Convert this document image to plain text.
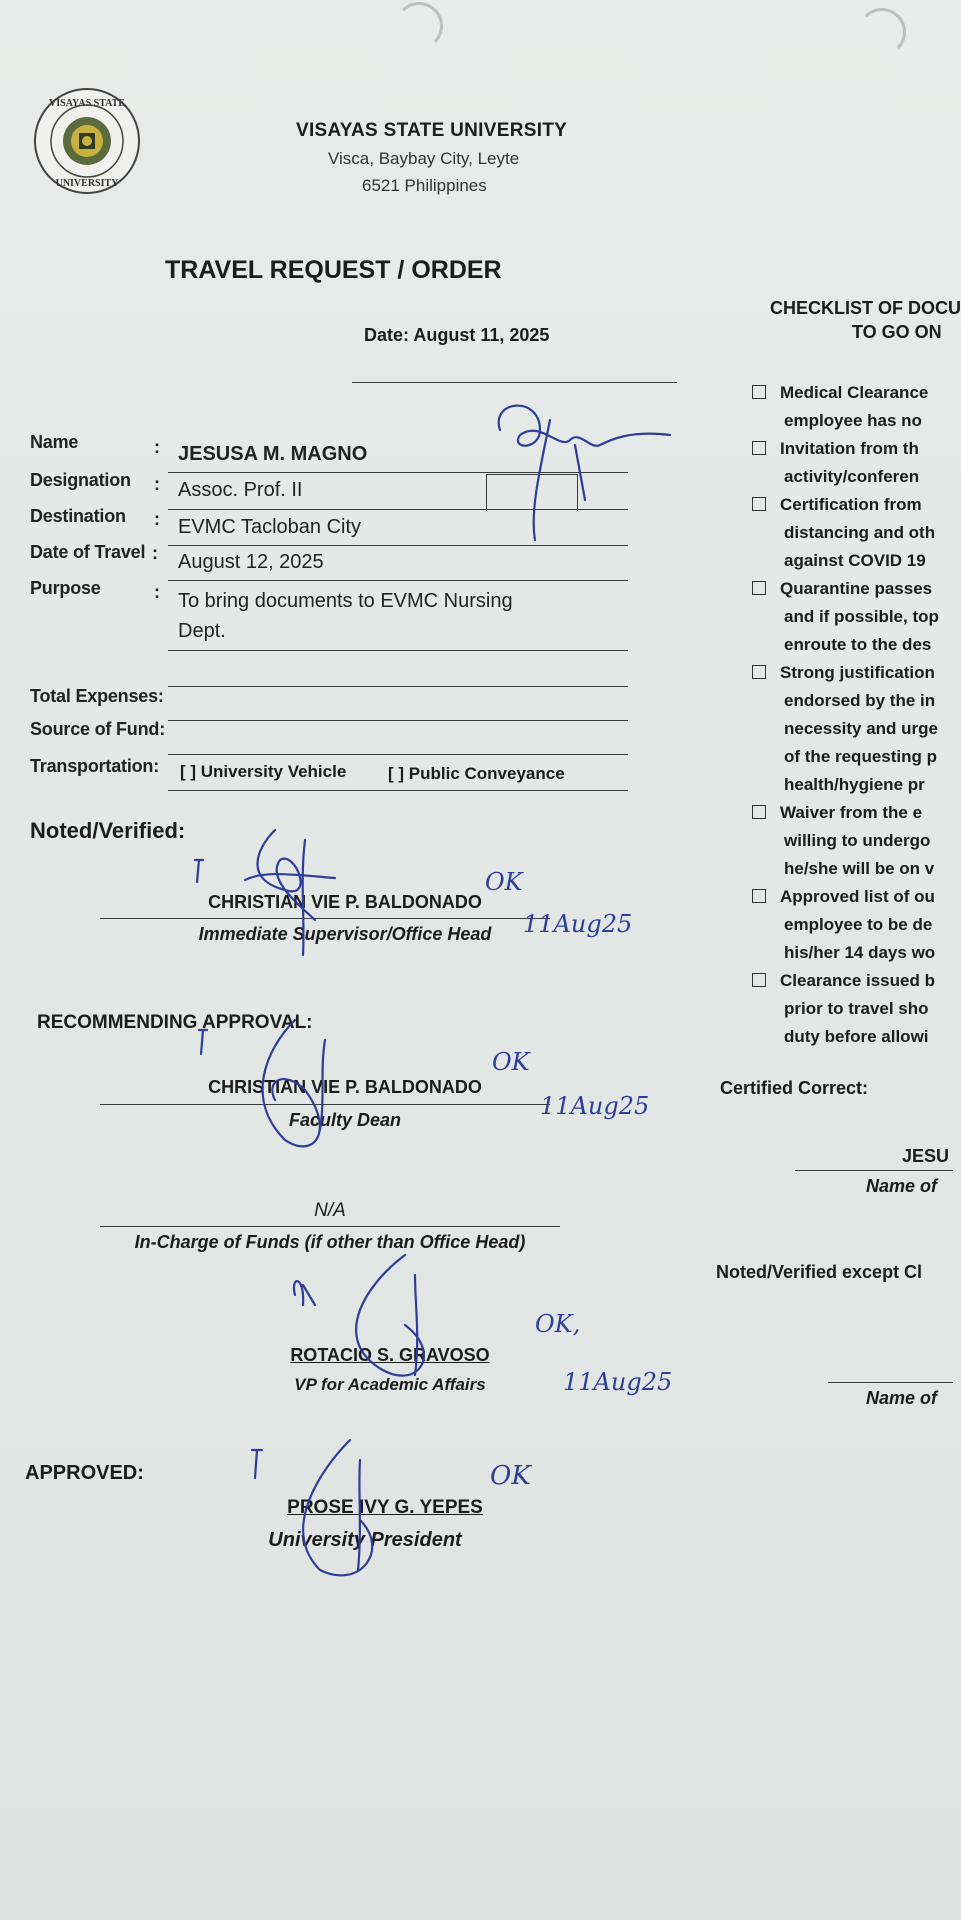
VISAYAS STATE
UNIVERSITY
VISAYAS STATE UNIVERSITY
Visca, Baybay City, Leyte
6521 Philippines
TRAVEL REQUEST / ORDER
Date: August 11, 2025
Name	: JESUSA M. MAGNO
Designation : Assoc. Prof. II
Destination : EVMC Tacloban City
Date of Travel : August 12, 2025
Purpose	: To bring documents to EVMC Nursing
Dept.
Total Expenses:
Source of Fund:
Transportation: [ ] University Vehicle [ ] Public Conveyance
Noted/Verified:
CHRISTIAN VIE P. BALDONADO
Immediate Supervisor/Office Head
RECOMMENDING APPROVAL:
CHRISTIAN VIE P. BALDONADO
Faculty Dean
N/A
In-Charge of Funds (if other than Office Head)
ROTACIO S. GRAVOSO
VP for Academic Affairs
APPROVED:
PROSE IVY G. YEPES
University President
CHECKLIST OF DOCU
TO GO ON
Medical Clearance
employee has no
Invitation from th
activity/conferen
Certification from
distancing and oth
against COVID 19
Quarantine passes
and if possible, top
enroute to the des
Strong justification
endorsed by the in
necessity and urge
of the requesting p
health/hygiene pr
Waiver from the e
willing to undergo
he/she will be on v
Approved list of ou
employee to be de
his/her 14 days wo
Clearance issued b
prior to travel sho
duty before allowi
Certified Correct:
JESU
Name of
Noted/Verified except Cl
Name of
OK
11Aug25
OK
11Aug25
OK,
11Aug25
OK
